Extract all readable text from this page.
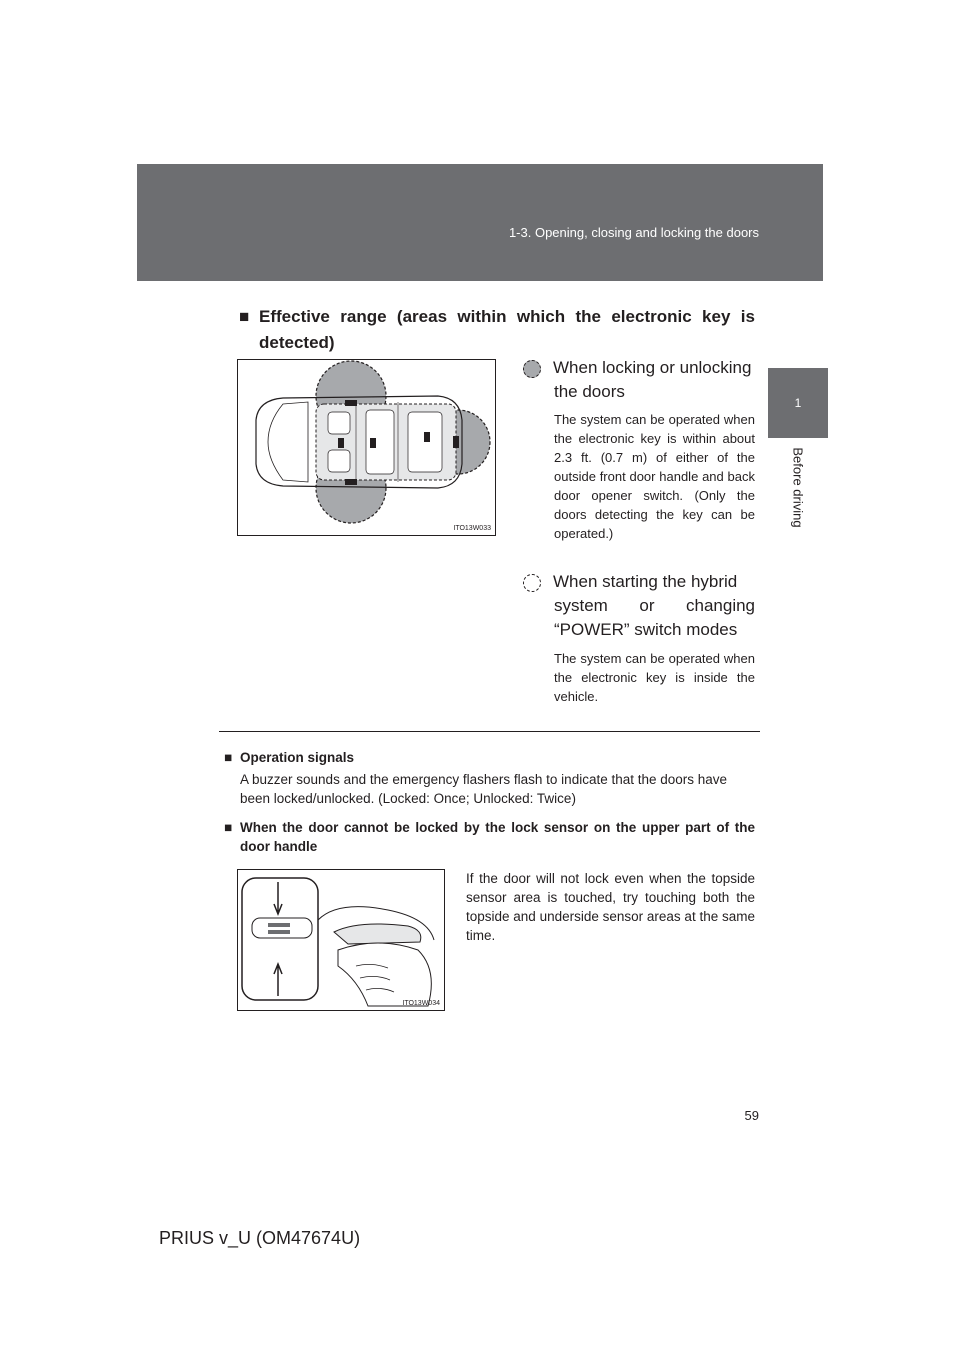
1-3. Opening, closing and locking the doors
1
Before driving
■ Effective range (areas within which the electronic key is detected)
ITO13W033
When locking or unlocking
the doors
The system can be operated when the electronic key is within about 2.3 ft. (0.7 m) of either of the outside front door handle and back door opener switch. (Only the doors detecting the key can be operated.)
When starting the hybrid
system or changing “POWER” switch modes
The system can be operated when the electronic key is inside the vehicle.
■ Operation signals
A buzzer sounds and the emergency flashers flash to indicate that the doors have been locked/unlocked. (Locked: Once; Unlocked: Twice)
■ When the door cannot be locked by the lock sensor on the upper part of the door handle
ITO13W034
If the door will not lock even when the topside sensor area is touched, try touching both the topside and underside sensor areas at the same time.
59
PRIUS v_U (OM47674U)
